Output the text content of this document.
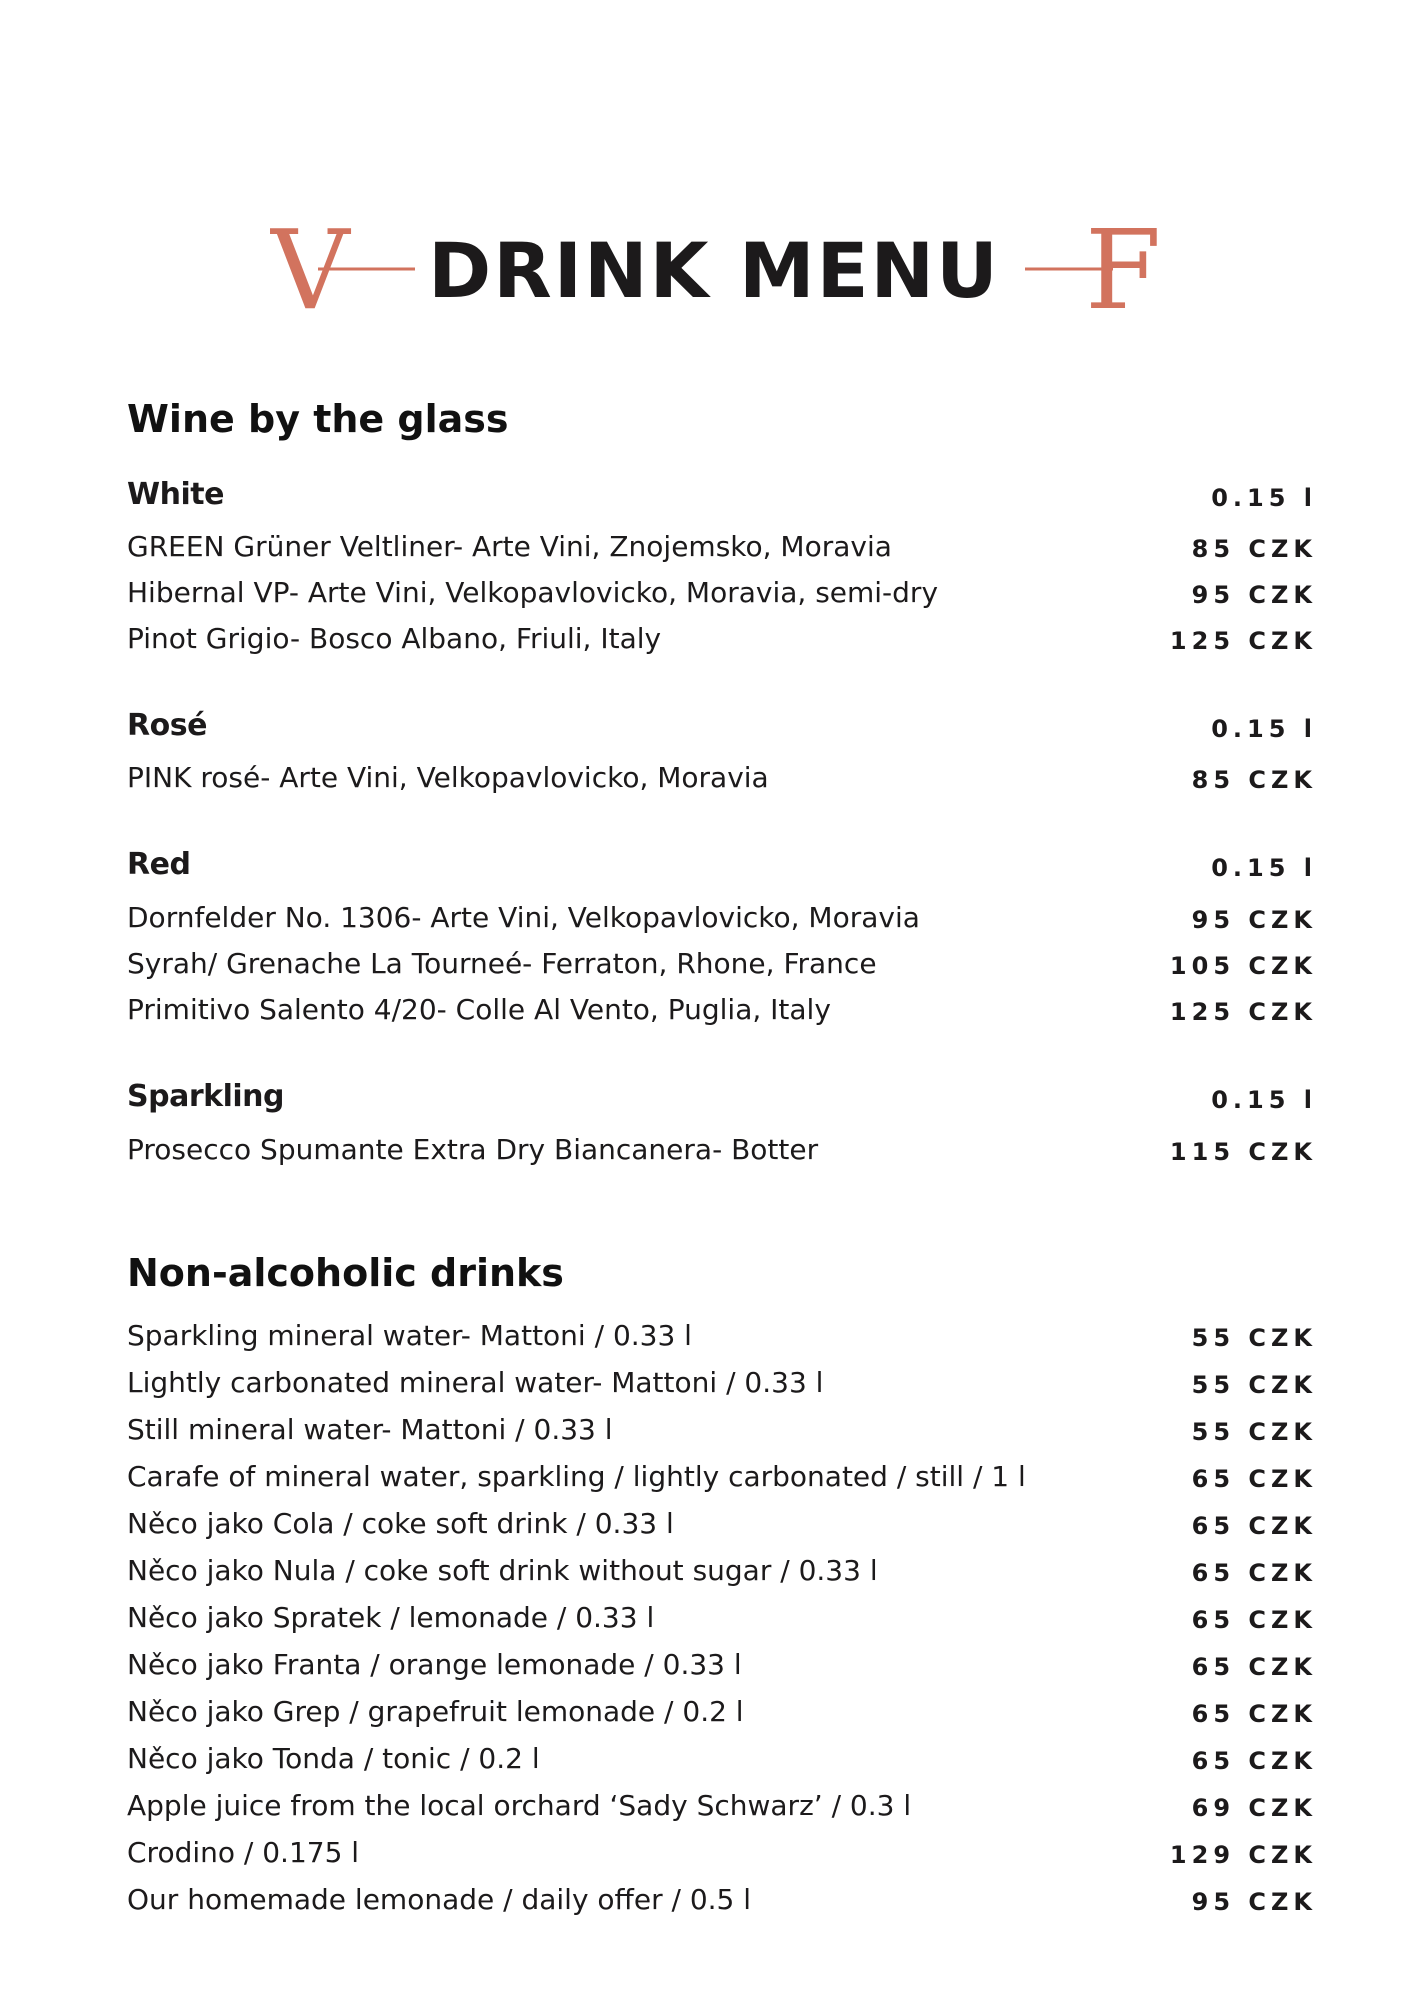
V	DRINK MENU F
Wine by the glass
White	0.15 l
GREEN Grüner Veltliner- Arte Vini, Znojemsko, Moravia	85 CZK
Hibernal VP- Arte Vini, Velkopavlovicko, Moravia, semi-dry	95 CZK
Pinot Grigio- Bosco Albano, Friuli, Italy	125 CZK
Rosé	0.15 l
PINK rosé- Arte Vini, Velkopavlovicko, Moravia	85 CZK
Red	0.15 l
Dornfelder No. 1306- Arte Vini, Velkopavlovicko, Moravia	95 CZK
Syrah/ Grenache La Tourneé- Ferraton, Rhone, France	105 CZK
Primitivo Salento 4/20- Colle Al Vento, Puglia, Italy	125 CZK
Sparkling	0.15 l
Prosecco Spumante Extra Dry Biancanera- Botter	115 CZK
Non-alcoholic drinks
Sparkling mineral water- Mattoni / 0.33 l	55 CZK
Lightly carbonated mineral water- Mattoni / 0.33 l	55 CZK
Still mineral water- Mattoni / 0.33 l	55 CZK
Carafe of mineral water, sparkling / lightly carbonated / still / 1 l	65 CZK
Něco jako Cola / coke soft drink / 0.33 l	65 CZK
Něco jako Nula / coke soft drink without sugar / 0.33 l	65 CZK
Něco jako Spratek / lemonade / 0.33 l	65 CZK
Něco jako Franta / orange lemonade / 0.33 l	65 CZK
Něco jako Grep / grapefruit lemonade / 0.2 l	65 CZK
Něco jako Tonda / tonic / 0.2 l	65 CZK
Apple juice from the local orchard ‘Sady Schwarz’ / 0.3 l	69 CZK
Crodino / 0.175 l	129 CZK
Our homemade lemonade / daily offer / 0.5 l	95 CZK
